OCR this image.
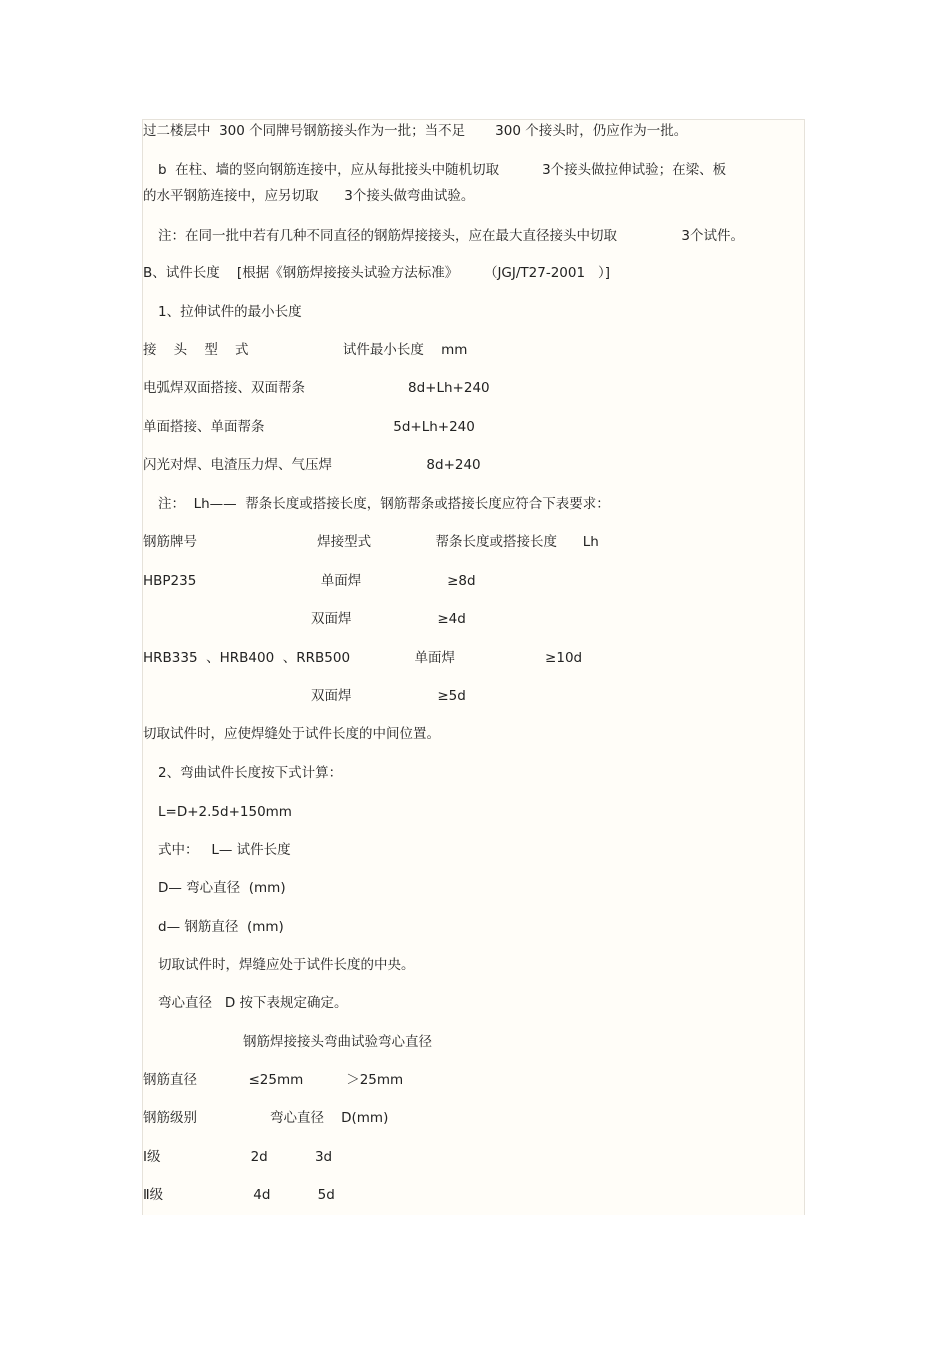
过二楼层中  300 个同牌号钢筋接头作为一批；当不足       300 个接头时，仍应作为一批。
b  在柱、墙的竖向钢筋连接中，应从每批接头中随机切取          3个接头做拉伸试验；在梁、板
的水平钢筋连接中，应另切取      3个接头做弯曲试验。
注：在同一批中若有几种不同直径的钢筋焊接接头，应在最大直径接头中切取               3个试件。
B、试件长度    [根据《钢筋焊接接头试验方法标准》      （JGJ/T27-2001   ）]
1、拉伸试件的最小长度
接    头    型    式                      试件最小长度    mm
电弧焊双面搭接、双面帮条                        8d+Lh+240
单面搭接、单面帮条                              5d+Lh+240
闪光对焊、电渣压力焊、气压焊                      8d+240
注：  Lh——  帮条长度或搭接长度，钢筋帮条或搭接长度应符合下表要求：
钢筋牌号                            焊接型式               帮条长度或搭接长度      Lh
HBP235                             单面焊                    ≥8d
双面焊                    ≥4d
HRB335  、HRB400  、RRB500               单面焊                     ≥10d
双面焊                    ≥5d
切取试件时，应使焊缝处于试件长度的中间位置。
2、弯曲试件长度按下式计算：
L=D+2.5d+150mm
式中：   L— 试件长度
D— 弯心直径  (mm)
d— 钢筋直径  (mm)
切取试件时，焊缝应处于试件长度的中央。
弯心直径   D 按下表规定确定。
钢筋焊接接头弯曲试验弯心直径
钢筋直径            ≤25mm          ＞25mm
钢筋级别                 弯心直径    D(mm)
Ⅰ级                     2d           3d
Ⅱ级                     4d           5d
